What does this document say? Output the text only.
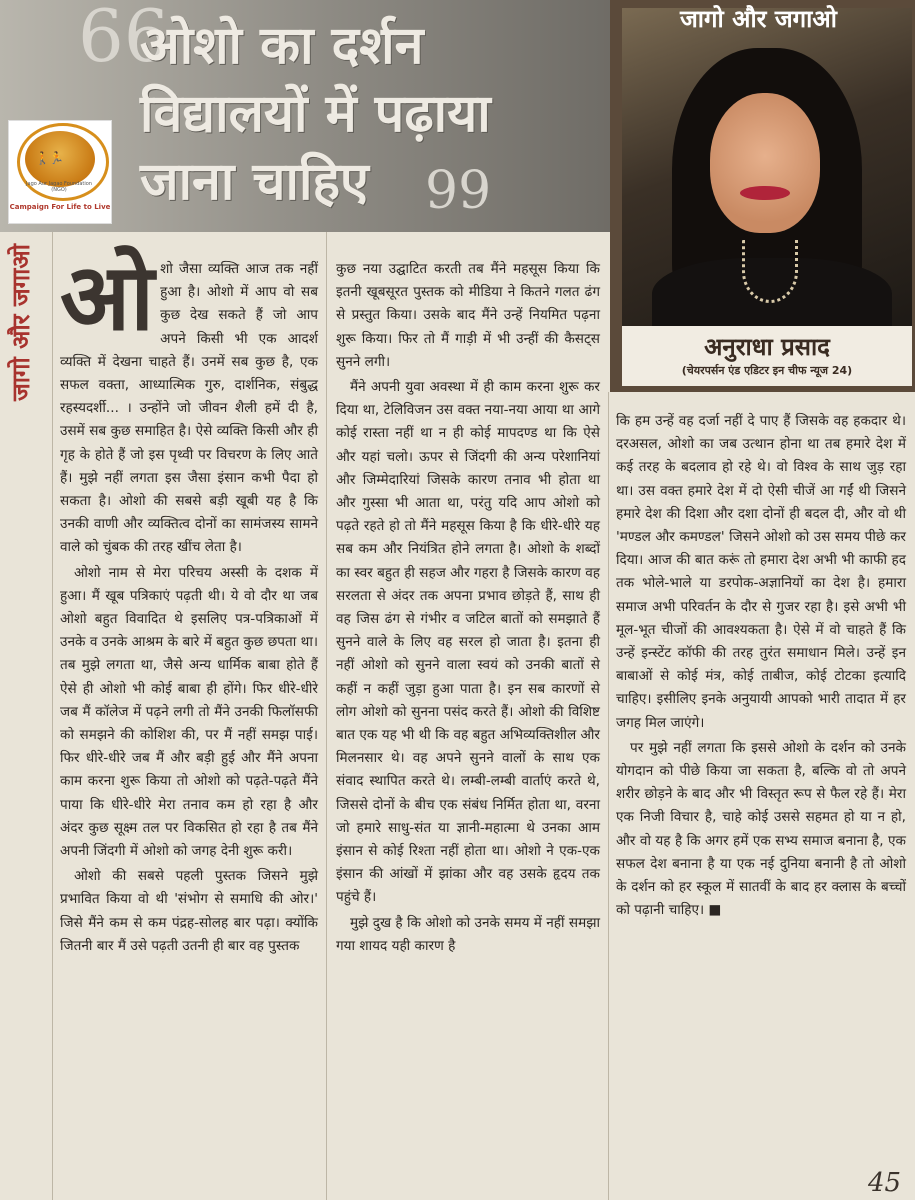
66
ओशो का दर्शन
विद्यालयों में पढ़ाया
जाना चाहिए	99
🚶🏃‍
Jago Aur Jagao Foundation (NGO)
Campaign For Life to Live
जागो और जगाओ
अनुराधा प्रसाद
(चेयरपर्सन एंड एडिटर इन चीफ न्यूज 24)
जागो और जगाओ ओशो जैसा व्यक्ति आज तक नहीं हुआ है। ओशो में आप वो सब कुछ देख सकते हैं जो आप अपने किसी भी एक आदर्श व्यक्ति में देखना चाहते हैं। उनमें सब कुछ है, एक सफल वक्ता, आध्यात्मिक गुरु, दार्शनिक, संबुद्ध रहस्यदर्शी... । उन्होंने जो जीवन शैली हमें दी है, उसमें सब कुछ समाहित है। ऐसे व्यक्ति किसी और ही गृह के होते हैं जो इस पृथ्वी पर विचरण के लिए आते हैं। मुझे नहीं लगता इस जैसा इंसान कभी पैदा हो सकता है। ओशो की सबसे बड़ी खूबी यह है कि उनकी वाणी और व्यक्तित्व दोनों का सामंजस्य सामने वाले को चुंबक की तरह खींच लेता है।

ओशो नाम से मेरा परिचय अस्सी के दशक में हुआ। मैं खूब पत्रिकाएं पढ़ती थी। ये वो दौर था जब ओशो बहुत विवादित थे इसलिए पत्र-पत्रिकाओं में उनके व उनके आश्रम के बारे में बहुत कुछ छपता था। तब मुझे लगता था, जैसे अन्य धार्मिक बाबा होते हैं ऐसे ही ओशो भी कोई बाबा ही होंगे। फिर धीरे-धीरे जब मैं कॉलेज में पढ़ने लगी तो मैंने उनकी फिलॉसफी को समझने की कोशिश की, पर मैं नहीं समझ पाई। फिर धीरे-धीरे जब मैं और बड़ी हुई और मैंने अपना काम करना शुरू किया तो ओशो को पढ़ते-पढ़ते मैंने पाया कि धीरे-धीरे मेरा तनाव कम हो रहा है और अंदर कुछ सूक्ष्म तल पर विकसित हो रहा है तब मैंने अपनी जिंदगी में ओशो को जगह देनी शुरू करी।

ओशो की सबसे पहली पुस्तक जिसने मुझे प्रभावित किया वो थी 'संभोग से समाधि की ओर।' जिसे मैंने कम से कम पंद्रह-सोलह बार पढ़ा। क्योंकि जितनी बार मैं उसे पढ़ती उतनी ही बार वह पुस्तक

कुछ नया उद्घाटित करती तब मैंने महसूस किया कि इतनी खूबसूरत पुस्तक को मीडिया ने कितने गलत ढंग से प्रस्तुत किया। उसके बाद मैंने उन्हें नियमित पढ़ना शुरू किया। फिर तो मैं गाड़ी में भी उन्हीं की कैसट्स सुनने लगी।

मैंने अपनी युवा अवस्था में ही काम करना शुरू कर दिया था, टेलिविजन उस वक्त नया-नया आया था आगे कोई रास्ता नहीं था न ही कोई मापदण्ड था कि ऐसे और यहां चलो। ऊपर से जिंदगी की अन्य परेशानियां और जिम्मेदारियां जिसके कारण तनाव भी होता था और गुस्सा भी आता था, परंतु यदि आप ओशो को पढ़ते रहते हो तो मैंने महसूस किया है कि धीरे-धीरे यह सब कम और नियंत्रित होने लगता है। ओशो के शब्दों का स्वर बहुत ही सहज और गहरा है जिसके कारण वह सरलता से अंदर तक अपना प्रभाव छोड़ते हैं, साथ ही वह जिस ढंग से गंभीर व जटिल बातों को समझाते हैं सुनने वाले के लिए वह सरल हो जाता है। इतना ही नहीं ओशो को सुनने वाला स्वयं को उनकी बातों से कहीं न कहीं जुड़ा हुआ पाता है। इन सब कारणों से लोग ओशो को सुनना पसंद करते हैं। ओशो की विशिष्ट बात एक यह भी थी कि वह बहुत अभिव्यक्तिशील और मिलनसार थे। वह अपने सुनने वालों के साथ एक संवाद स्थापित करते थे। लम्बी-लम्बी वार्ताएं करते थे, जिससे दोनों के बीच एक संबंध निर्मित होता था, वरना जो हमारे साधु-संत या ज्ञानी-महात्मा थे उनका आम इंसान से कोई रिश्ता नहीं होता था। ओशो ने एक-एक इंसान की आंखों में झांका और वह उसके हृदय तक पहुंचे हैं।

मुझे दुख है कि ओशो को उनके समय में नहीं समझा गया शायद यही कारण है

कि हम उन्हें वह दर्जा नहीं दे पाए हैं जिसके वह हकदार थे। दरअसल, ओशो का जब उत्थान होना था तब हमारे देश में कई तरह के बदलाव हो रहे थे। वो विश्व के साथ जुड़ रहा था। उस वक्त हमारे देश में दो ऐसी चीजें आ गईं थी जिसने हमारे देश की दिशा और दशा दोनों ही बदल दी, और वो थी 'मण्डल और कमण्डल' जिसने ओशो को उस समय पीछे कर दिया। आज की बात करूं तो हमारा देश अभी भी काफी हद तक भोले-भाले या डरपोक-अज्ञानियों का देश है। हमारा समाज अभी परिवर्तन के दौर से गुजर रहा है। इसे अभी भी मूल-भूत चीजों की आवश्यकता है। ऐसे में वो चाहते हैं कि उन्हें इन्स्टेंट कॉफी की तरह तुरंत समाधान मिले। उन्हें इन बाबाओं से कोई मंत्र, कोई ताबीज, कोई टोटका इत्यादि चाहिए। इसीलिए इनके अनुयायी आपको भारी तादात में हर जगह मिल जाएंगे।

पर मुझे नहीं लगता कि इससे ओशो के दर्शन को उनके योगदान को पीछे किया जा सकता है, बल्कि वो तो अपने शरीर छोड़ने के बाद और भी विस्तृत रूप से फैल रहे हैं। मेरा एक निजी विचार है, चाहे कोई उससे सहमत हो या न हो, और वो यह है कि अगर हमें एक सभ्य समाज बनाना है, एक सफल देश बनाना है या एक नई दुनिया बनानी है तो ओशो के दर्शन को हर स्कूल में सातवीं के बाद हर क्लास के बच्चों को पढ़ानी चाहिए। ■

45
